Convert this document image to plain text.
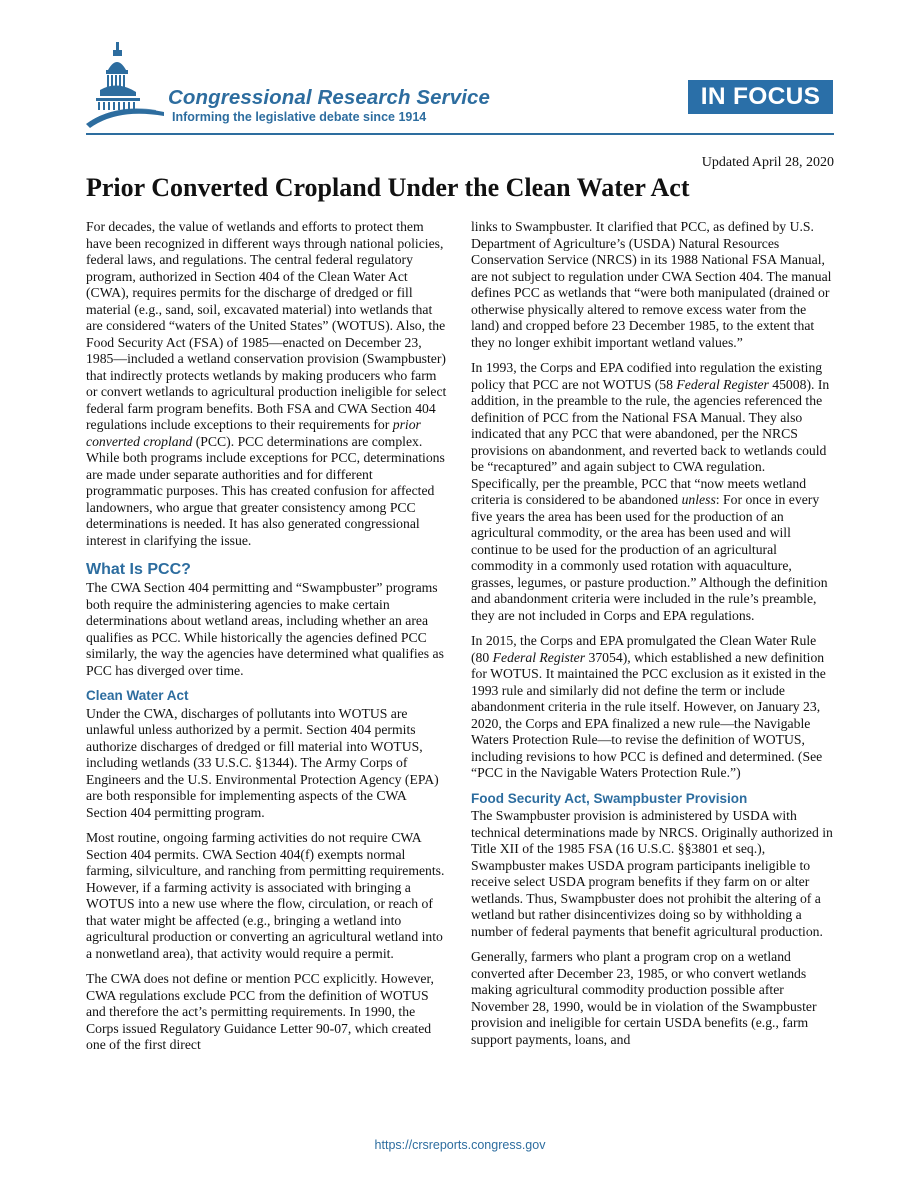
Congressional Research Service
Informing the legislative debate since 1914
IN FOCUS
Updated April 28, 2020
Prior Converted Cropland Under the Clean Water Act

For decades, the value of wetlands and efforts to protect them have been recognized in different ways through national policies, federal laws, and regulations. The central federal regulatory program, authorized in Section 404 of the Clean Water Act (CWA), requires permits for the discharge of dredged or fill material (e.g., sand, soil, excavated material) into wetlands that are considered “waters of the United States” (WOTUS). Also, the Food Security Act (FSA) of 1985—enacted on December 23, 1985—included a wetland conservation provision (Swampbuster) that indirectly protects wetlands by making producers who farm or convert wetlands to agricultural production ineligible for select federal farm program benefits. Both FSA and CWA Section 404 regulations include exceptions to their requirements for prior converted cropland (PCC). PCC determinations are complex. While both programs include exceptions for PCC, determinations are made under separate authorities and for different programmatic purposes. This has created confusion for affected landowners, who argue that greater consistency among PCC determinations is needed. It has also generated congressional interest in clarifying the issue.

What Is PCC?

The CWA Section 404 permitting and “Swampbuster” programs both require the administering agencies to make certain determinations about wetland areas, including whether an area qualifies as PCC. While historically the agencies defined PCC similarly, the way the agencies have determined what qualifies as PCC has diverged over time.

Clean Water Act

Under the CWA, discharges of pollutants into WOTUS are unlawful unless authorized by a permit. Section 404 permits authorize discharges of dredged or fill material into WOTUS, including wetlands (33 U.S.C. §1344). The Army Corps of Engineers and the U.S. Environmental Protection Agency (EPA) are both responsible for implementing aspects of the CWA Section 404 permitting program.

Most routine, ongoing farming activities do not require CWA Section 404 permits. CWA Section 404(f) exempts normal farming, silviculture, and ranching from permitting requirements. However, if a farming activity is associated with bringing a WOTUS into a new use where the flow, circulation, or reach of that water might be affected (e.g., bringing a wetland into agricultural production or converting an agricultural wetland into a nonwetland area), that activity would require a permit.

The CWA does not define or mention PCC explicitly. However, CWA regulations exclude PCC from the definition of WOTUS and therefore the act’s permitting requirements. In 1990, the Corps issued Regulatory Guidance Letter 90-07, which created one of the first direct

links to Swampbuster. It clarified that PCC, as defined by U.S. Department of Agriculture’s (USDA) Natural Resources Conservation Service (NRCS) in its 1988 National FSA Manual, are not subject to regulation under CWA Section 404. The manual defines PCC as wetlands that “were both manipulated (drained or otherwise physically altered to remove excess water from the land) and cropped before 23 December 1985, to the extent that they no longer exhibit important wetland values.”

In 1993, the Corps and EPA codified into regulation the existing policy that PCC are not WOTUS (58 Federal Register 45008). In addition, in the preamble to the rule, the agencies referenced the definition of PCC from the National FSA Manual. They also indicated that any PCC that were abandoned, per the NRCS provisions on abandonment, and reverted back to wetlands could be “recaptured” and again subject to CWA regulation. Specifically, per the preamble, PCC that “now meets wetland criteria is considered to be abandoned unless: For once in every five years the area has been used for the production of an agricultural commodity, or the area has been used and will continue to be used for the production of an agricultural commodity in a commonly used rotation with aquaculture, grasses, legumes, or pasture production.” Although the definition and abandonment criteria were included in the rule’s preamble, they are not included in Corps and EPA regulations.

In 2015, the Corps and EPA promulgated the Clean Water Rule (80 Federal Register 37054), which established a new definition for WOTUS. It maintained the PCC exclusion as it existed in the 1993 rule and similarly did not define the term or include abandonment criteria in the rule itself. However, on January 23, 2020, the Corps and EPA finalized a new rule—the Navigable Waters Protection Rule—to revise the definition of WOTUS, including revisions to how PCC is defined and determined. (See “PCC in the Navigable Waters Protection Rule.”)

Food Security Act, Swampbuster Provision

The Swampbuster provision is administered by USDA with technical determinations made by NRCS. Originally authorized in Title XII of the 1985 FSA (16 U.S.C. §§3801 et seq.), Swampbuster makes USDA program participants ineligible to receive select USDA program benefits if they farm on or alter wetlands. Thus, Swampbuster does not prohibit the altering of a wetland but rather disincentivizes doing so by withholding a number of federal payments that benefit agricultural production.

Generally, farmers who plant a program crop on a wetland converted after December 23, 1985, or who convert wetlands making agricultural commodity production possible after November 28, 1990, would be in violation of the Swampbuster provision and ineligible for certain USDA benefits (e.g., farm support payments, loans, and

https://crsreports.congress.gov
